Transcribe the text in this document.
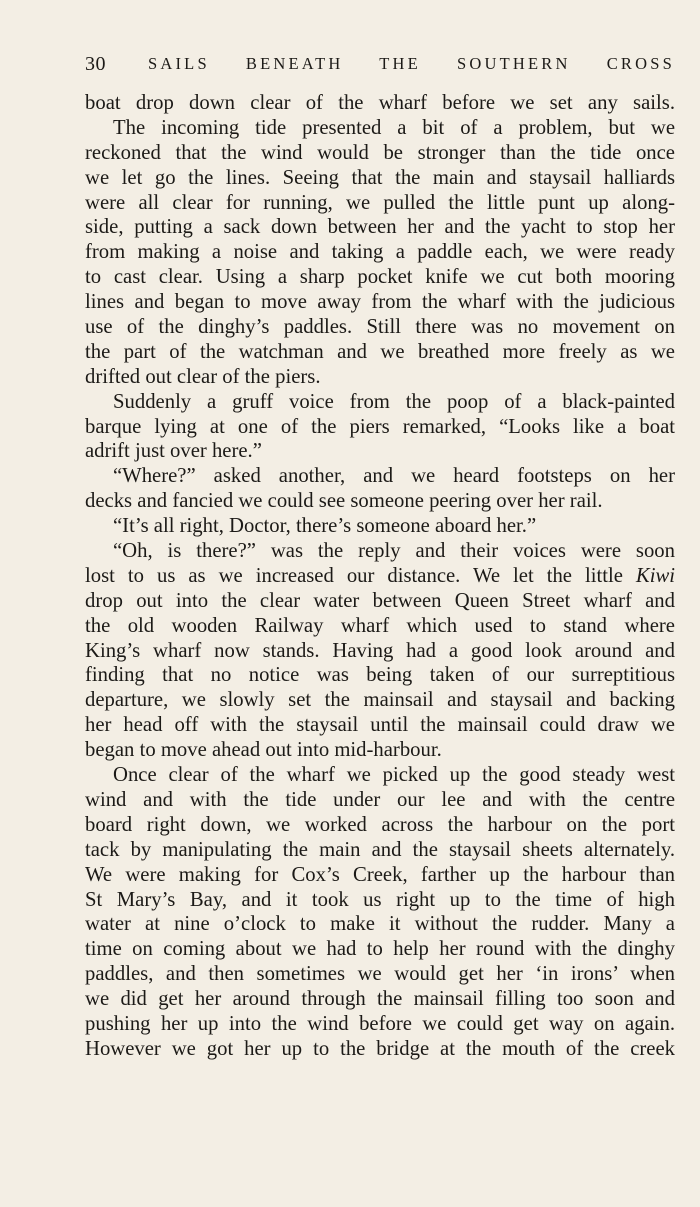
30	SAILS BENEATH THE SOUTHERN CROSS
boat drop down clear of the wharf before we set any sails.
The incoming tide presented a bit of a problem, but we
reckoned that the wind would be stronger than the tide once
we let go the lines. Seeing that the main and staysail halliards
were all clear for running, we pulled the little punt up along-
side, putting a sack down between her and the yacht to stop her
from making a noise and taking a paddle each, we were ready
to cast clear. Using a sharp pocket knife we cut both mooring
lines and began to move away from the wharf with the judicious
use of the dinghy’s paddles. Still there was no movement on
the part of the watchman and we breathed more freely as we
drifted out clear of the piers.
Suddenly a gruff voice from the poop of a black-painted
barque lying at one of the piers remarked, “Looks like a boat
adrift just over here.”
“Where?” asked another, and we heard footsteps on her
decks and fancied we could see someone peering over her rail.
“It’s all right, Doctor, there’s someone aboard her.”
“Oh, is there?” was the reply and their voices were soon
lost to us as we increased our distance. We let the little Kiwi
drop out into the clear water between Queen Street wharf and
the old wooden Railway wharf which used to stand where
King’s wharf now stands. Having had a good look around and
finding that no notice was being taken of our surreptitious
departure, we slowly set the mainsail and staysail and backing
her head off with the staysail until the mainsail could draw we
began to move ahead out into mid-harbour.
Once clear of the wharf we picked up the good steady west
wind and with the tide under our lee and with the centre
board right down, we worked across the harbour on the port
tack by manipulating the main and the staysail sheets alternately.
We were making for Cox’s Creek, farther up the harbour than
St Mary’s Bay, and it took us right up to the time of high
water at nine o’clock to make it without the rudder. Many a
time on coming about we had to help her round with the dinghy
paddles, and then sometimes we would get her ‘in irons’ when
we did get her around through the mainsail filling too soon and
pushing her up into the wind before we could get way on again.
However we got her up to the bridge at the mouth of the creek
